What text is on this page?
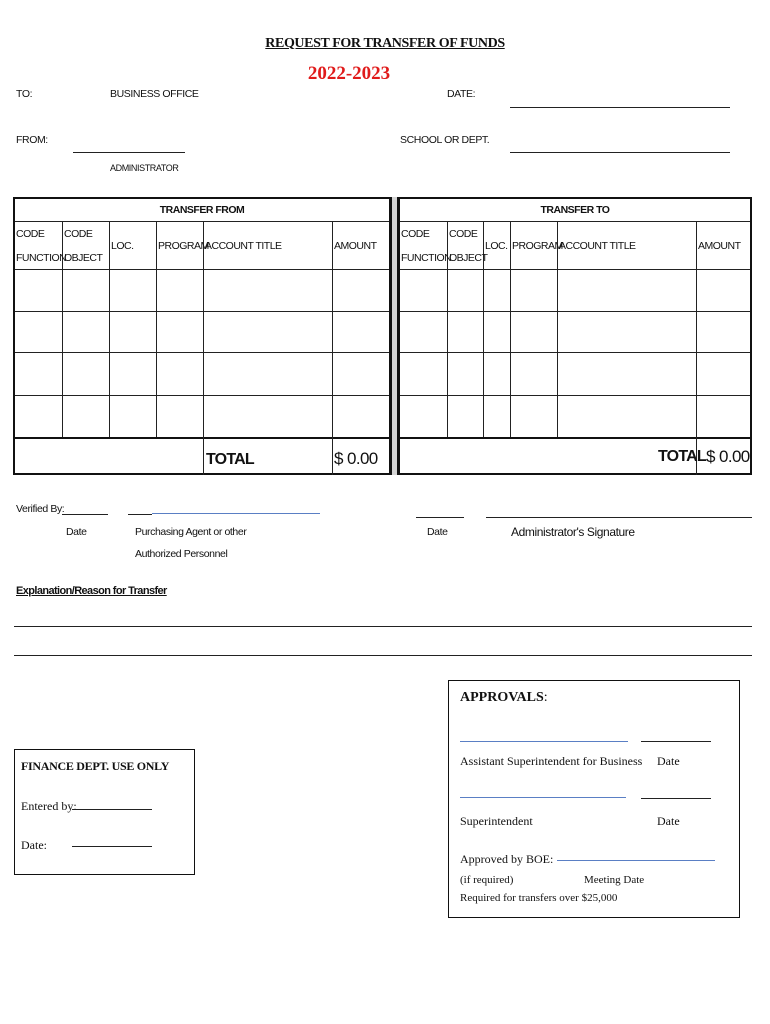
REQUEST FOR TRANSFER OF FUNDS
2022-2023
TO:	BUSINESS OFFICE	DATE:
FROM:
ADMINISTRATOR
SCHOOL OR DEPT.
TRANSFER FROM
CODE
FUNCTION
CODE
OBJECT
LOC. PROGRAM
ACCOUNT TITLE	AMOUNT
TOTAL	$ 0.00
TRANSFER TO
CODE
FUNCTION
CODE
OBJECT
LOC. PROGRAM
ACCOUNT TITLE	AMOUNT
TOTAL $ 0.00
Verified By:
Date	Purchasing Agent or other
Authorized Personnel
Date	Administrator's Signature
Explanation/Reason for Transfer
FINANCE DEPT. USE ONLY
Entered by:
Date:
APPROVALS:
Assistant Superintendent for Business Date
Superintendent	Date
Approved by BOE:
(if required)	Meeting Date
Required for transfers over $25,000
